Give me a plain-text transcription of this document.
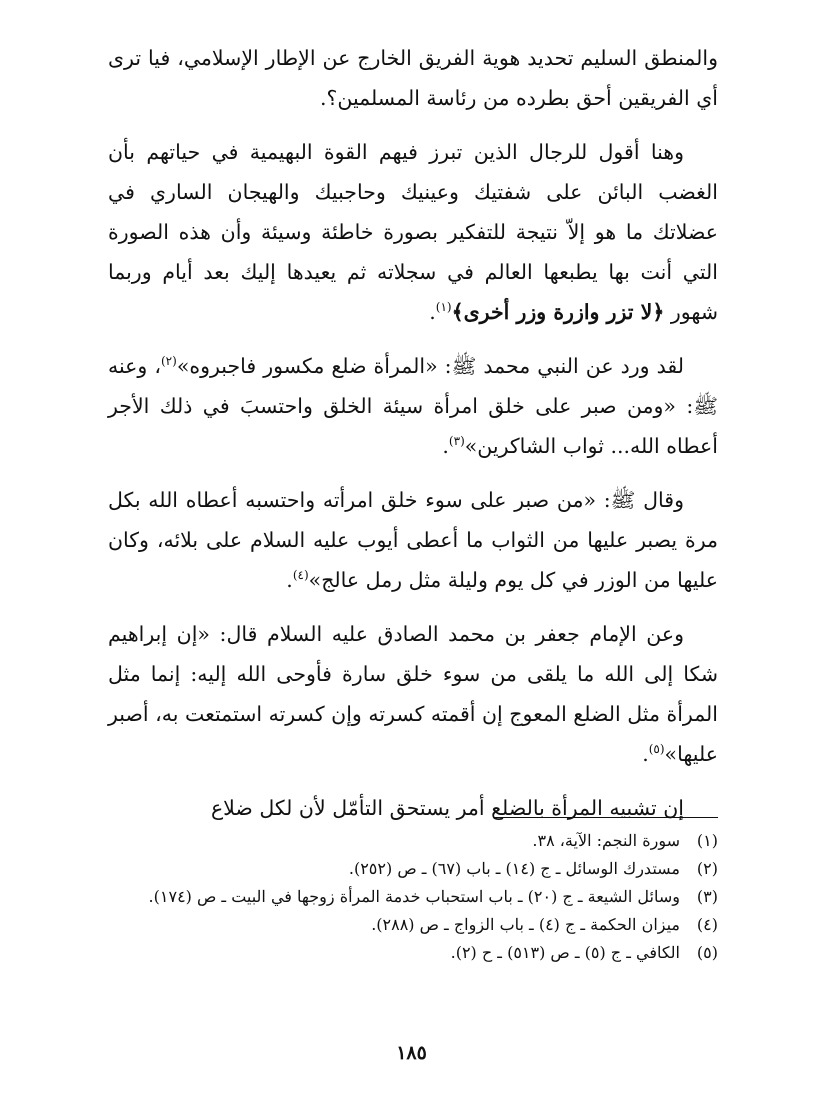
والمنطق السليم تحديد هوية الفريق الخارج عن الإطار الإسلامي، فيا ترى أي الفريقين أحق بطرده من رئاسة المسلمين؟.

وهنا أقول للرجال الذين تبرز فيهم القوة البهيمية في حياتهم بأن الغضب البائن على شفتيك وعينيك وحاجبيك والهيجان الساري في عضلاتك ما هو إلاّ نتيجة للتفكير بصورة خاطئة وسيئة وأن هذه الصورة التي أنت بها يطبعها العالم في سجلاته ثم يعيدها إليك بعد أيام وربما شهور ﴿لا تزر وازرة وزر أخرى﴾$^{(١)}$.

لقد ورد عن النبي محمد ﷺ: «المرأة ضلع مكسور فاجبروه»$^{(٢)}$، وعنه ﷺ: «ومن صبر على خلق امرأة سيئة الخلق واحتسبَ في ذلك الأجر أعطاه الله... ثواب الشاكرين»$^{(٣)}$.

وقال ﷺ: «من صبر على سوء خلق امرأته واحتسبه أعطاه الله بكل مرة يصبر عليها من الثواب ما أعطى أيوب عليه السلام على بلائه، وكان عليها من الوزر في كل يوم وليلة مثل رمل عالج»$^{(٤)}$.

وعن الإمام جعفر بن محمد الصادق عليه السلام قال: «إن إبراهيم شكا إلى الله ما يلقى من سوء خلق سارة فأوحى الله إليه: إنما مثل المرأة مثل الضلع المعوج إن أقمته كسرته وإن كسرته استمتعت به، أصبر عليها»$^{(٥)}$.

إن تشبيه المرأة بالضلع أمر يستحق التأمّل لأن لكل ضلاع

(١)
سورة النجم: الآية، ٣٨.
(٢)
مستدرك الوسائل ـ ج (١٤) ـ باب (٦٧) ـ ص (٢٥٢).
(٣)
وسائل الشيعة ـ ج (٢٠) ـ باب استحباب خدمة المرأة زوجها في البيت ـ ص (١٧٤).
(٤)
ميزان الحكمة ـ ج (٤) ـ باب الزواج ـ ص (٢٨٨).
(٥)
الكافي ـ ج (٥) ـ ص (٥١٣) ـ ح (٢).
١٨٥
